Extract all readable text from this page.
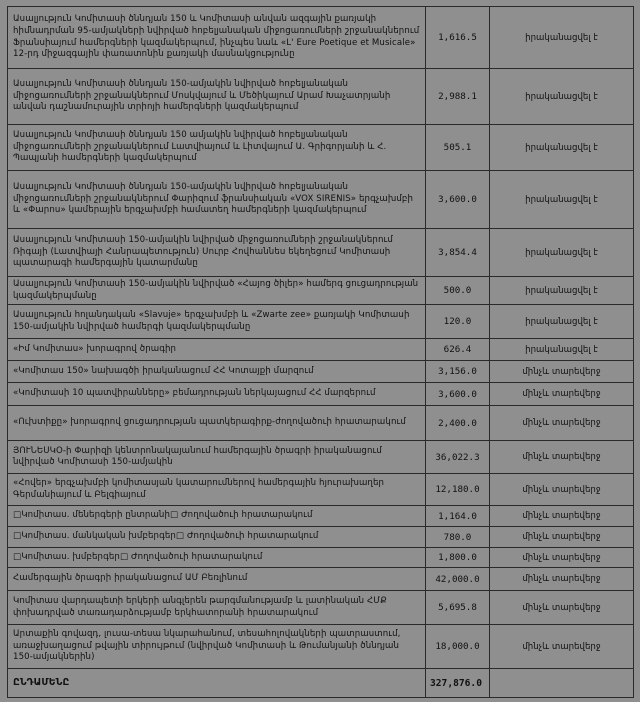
Ասալյություն Կոմիտասի ծննդյան 150 և Կոմիտասի անվան ազգային քառյակի հիմնադրման 95-ամյակների նվիրված հոբելյանական միջոցառումների շրջանակներում Ֆրանսիայում համերգների կազմակերպում, ինչպես նաև «L' Eure Poetique et Musicale» 12-րդ միջազգային փառատոնին քառյակի մասնակցությունը	1,616.5	իրականացվել է
Ասալյություն Կոմիտասի ծննդյան 150-ամյակին նվիրված հոբելյանական միջոցառումների շրջանակներում Մոսկվայում և Մեծիկայում Արամ Խաչատրյանի անվան դաշնամուրային տրիոյի համերգների կազմակերպում	2,988.1	իրականացվել է
Ասալյություն Կոմիտասի ծննդյան 150 ամյակին նվիրված հոբելյանական միջոցառումների շրջանակներում Լատվիայում և Լիտվայում Ա. Գրիգորյանի և Հ. Պապյանի համերգների կազմակերպում	505.1	իրականացվել է
Ասալյություն Կոմիտասի ծննդյան 150-ամյակին նվիրված հոբելյանական միջոցառումների շրջանակներում Փարիզում ֆրանսիական «VOX SIRENIS» երգչախմբի և «Փարոս» կամերային երգչախմբի համատեղ համերգների կազմակերպում	3,600.0	իրականացվել է
Ասալյություն Կոմիտասի 150-ամյակին նվիրված միջոցառումների շրջանակներում Ռիգայի (Լատվիայի Հանրապետություն) Սուրբ Հովհաննես եկեղեցում Կոմիտասի պատարագի համերգային կատարմանը	3,854.4	իրականացվել է
Ասալյություն Կոմիտասի 150-ամյակին նվիրված «Հայոց ծիլեր» համերգ ցուցադրության կազմակերպմանը	500.0	իրականացվել է
Ասալյություն հոլանդական «Slavuje» երգչախմբի և «Zwarte zee» քառյակի Կոմիտասի 150-ամյակին նվիրված համերգի կազմակերպմանը	120.0	իրականացվել է
«Իմ Կոմիտաս» խորագրով ծրագիր	626.4	իրականացվել է
«Կոմիտաս 150» նախագծի իրականացում ՀՀ Կոտայքի մարզում	3,156.0	մինչև տարեվերջ
«Կոմիտասի 10 պատվիրանները» բեմադրության ներկայացում ՀՀ մարզերում	3,600.0	մինչև տարեվերջ
«Ուխտիքը» խորագրով ցուցադրության պատկերագիրք-ժողովածուի հրատարակում	2,400.0	մինչև տարեվերջ
ՅՈՒՆԵՍԿՕ-ի Փարիզի կենտրոնակայանում համերգային ծրագրի իրականացում նվիրված Կոմիտասի 150-ամյակին	36,022.3	մինչև տարեվերջ
«Հովեր» երգչախմբի կոմիտասյան կատարումներով համերգային հյուրախաղեր Գերմանիայում և Բելգիայում	12,180.0	մինչև տարեվերջ
□Կոմիտաս. մեներգերի ընտրանի□ Ժողովածուի հրատարակում	1,164.0	մինչև տարեվերջ
□Կոմիտաս. մանկական խմբերգեր□ Ժողովածուի հրատարակում	780.0	մինչև տարեվերջ
□Կոմիտաս. խմբերգեր□ Ժողովածուի հրատարակում	1,800.0	մինչև տարեվերջ
Համերգային ծրագրի իրականացում ԱՄ Բեռլինում	42,000.0	մինչև տարեվերջ
Կոմիտաս վարդապետի երկերի անգլերեն թարգմանությամբ և լատինական ՀՄՔ փոխադրված տառադարձությամբ երկհատորանի հրատարակում	5,695.8	մինչև տարեվերջ
Արտաքին գովազդ, լուսա-տեսա նկարահանում, տեսահոլովակների պատրաստում, առաջխաղացում թվային տիրույթում (նվիրված Կոմիտասի և Թումանյանի ծննդյան 150-ամյակներին)	18,000.0	մինչև տարեվերջ
ԸՆԴԱՄԵՆԸ	327,876.0	
